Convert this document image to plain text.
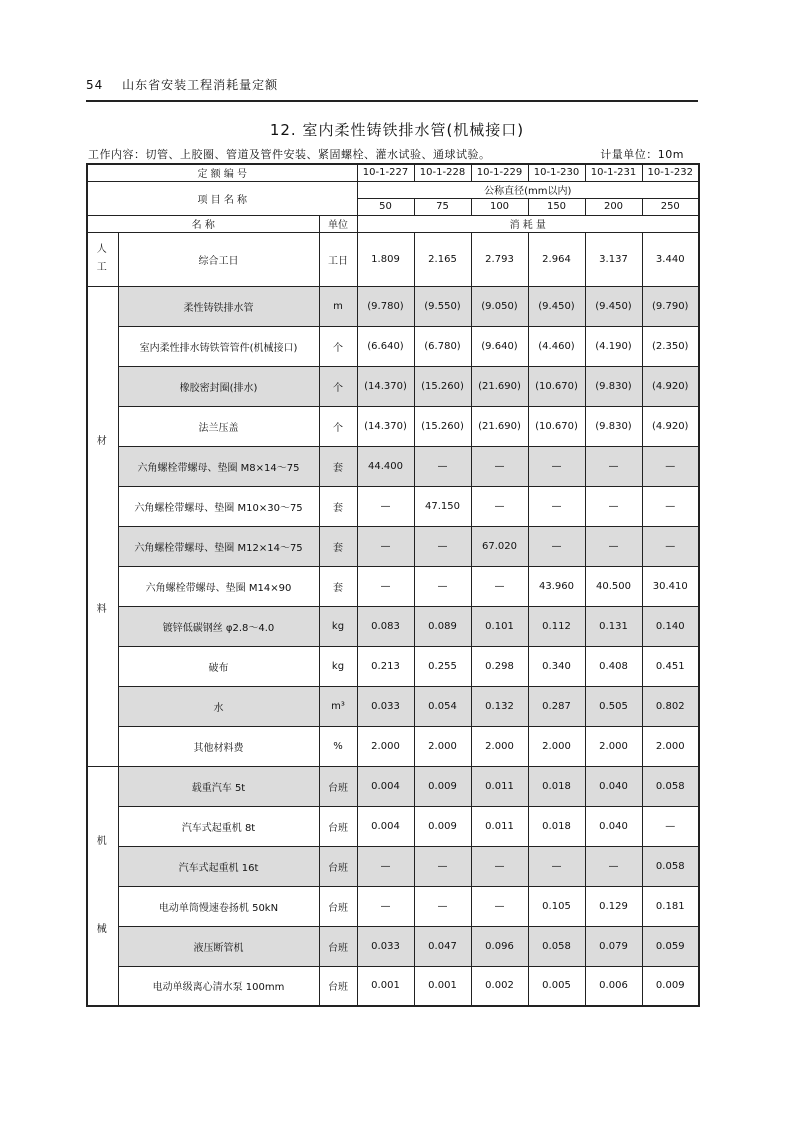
54 山东省安装工程消耗量定额
12. 室内柔性铸铁排水管(机械接口)
工作内容：切管、上胶圈、管道及管件安装、紧固螺栓、灌水试验、通球试验。	计量单位：10m
定 额 编 号			10-1-227	10-1-228	10-1-229	10-1-230	10-1-231	10-1-232
项 目 名 称			公称直径(mm以内)					
			50	75	100	150	200	250
名 称		单位	消 耗 量					

人
工	综合工日	工日	1.809	2.165	2.793	2.964	3.137	3.440

材
料	柔性铸铁排水管	m	(9.780)	(9.550)	(9.050)	(9.450)	(9.450)	(9.790)
	室内柔性排水铸铁管管件(机械接口)	个	(6.640)	(6.780)	(9.640)	(4.460)	(4.190)	(2.350)
	橡胶密封圈(排水)	个	(14.370)	(15.260)	(21.690)	(10.670)	(9.830)	(4.920)
	法兰压盖	个	(14.370)	(15.260)	(21.690)	(10.670)	(9.830)	(4.920)
	六角螺栓带螺母、垫圈 M8×14～75	套	44.400	—	—	—	—	—
	六角螺栓带螺母、垫圈 M10×30～75	套	—	47.150	—	—	—	—
	六角螺栓带螺母、垫圈 M12×14～75	套	—	—	67.020	—	—	—
	六角螺栓带螺母、垫圈 M14×90	套	—	—	—	43.960	40.500	30.410
	镀锌低碳钢丝 φ2.8～4.0	kg	0.083	0.089	0.101	0.112	0.131	0.140
	破布	kg	0.213	0.255	0.298	0.340	0.408	0.451
	水	m³	0.033	0.054	0.132	0.287	0.505	0.802
	其他材料费	%	2.000	2.000	2.000	2.000	2.000	2.000

机
械	载重汽车 5t	台班	0.004	0.009	0.011	0.018	0.040	0.058
	汽车式起重机 8t	台班	0.004	0.009	0.011	0.018	0.040	—
	汽车式起重机 16t	台班	—	—	—	—	—	0.058
	电动单筒慢速卷扬机 50kN	台班	—	—	—	0.105	0.129	0.181
	液压断管机	台班	0.033	0.047	0.096	0.058	0.079	0.059
	电动单级离心清水泵 100mm	台班	0.001	0.001	0.002	0.005	0.006	0.009
